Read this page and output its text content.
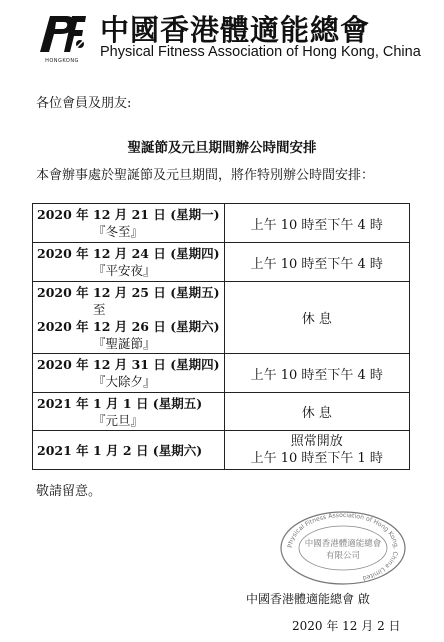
HONGKONG
中國香港體適能總會
Physical Fitness Association of Hong Kong, China
各位會員及朋友:
聖誕節及元旦期間辦公時間安排
本會辦事處於聖誕節及元旦期間，將作特別辦公時間安排：
2020 年 12 月 21 日 (星期一)
『冬至』	上午 10 時至下午 4 時

2020 年 12 月 24 日 (星期四)
『平安夜』	上午 10 時至下午 4 時

2020 年 12 月 25 日 (星期五)
至
2020 年 12 月 26 日 (星期六)
『聖誕節』	休 息

2020 年 12 月 31 日 (星期四)
『大除夕』	上午 10 時至下午 4 時

2021 年 1 月 1 日 (星期五)
『元旦』	休 息

2021 年 1 月 2 日 (星期六)	照常開放
上午 10 時至下午 1 時
敬請留意。
Physical Fitness Association of Hong Kong, China Limited
中國香港體適能總會
有限公司
中國香港體適能總會 啟
2020 年 12 月 2 日
